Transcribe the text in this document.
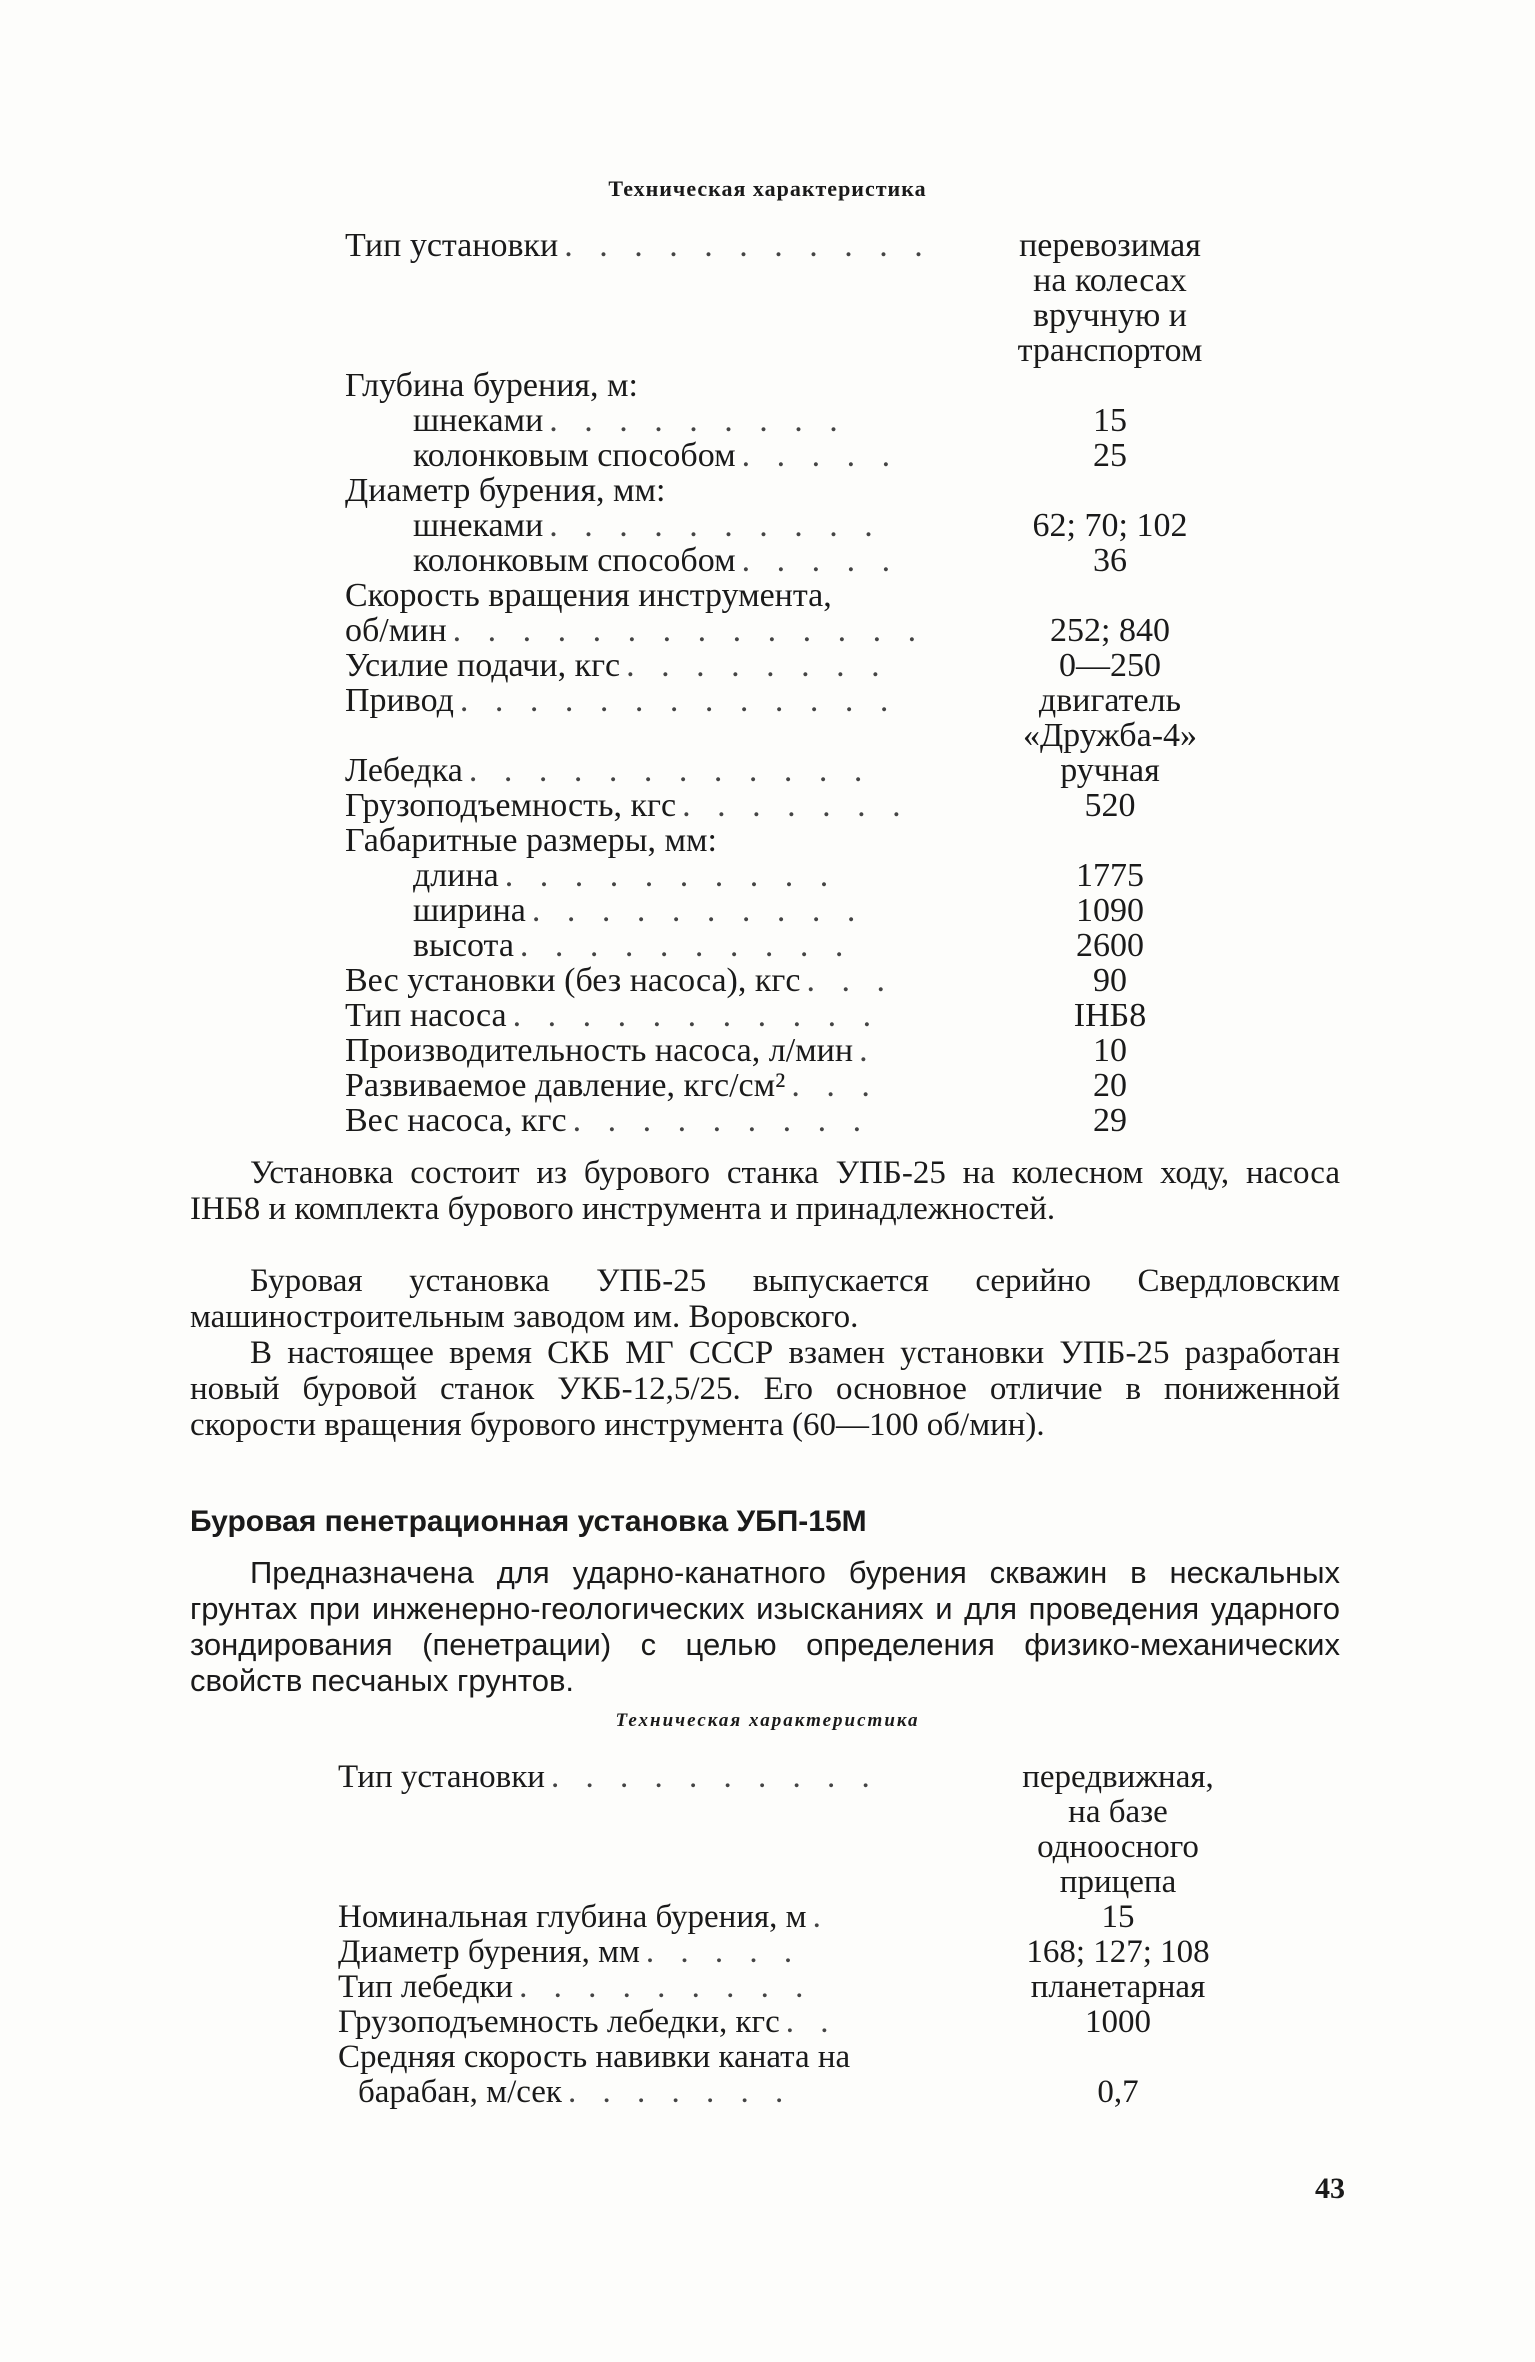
Техническая характеристика
Тип установки . . . . . . . . . . .	перевозимая
на колесах
вручную и
транспортом
Глубина бурения, м:
шнеками . . . . . . . . .	15
колонковым способом . . . . .	25
Диаметр бурения, мм:
шнеками . . . . . . . . . .	62; 70; 102
колонковым способом . . . . .	36
Скорость вращения инструмента,
об/мин . . . . . . . . . . . . . .	252; 840
Усилие подачи, кгс . . . . . . . .	0—250
Привод . . . . . . . . . . . . .	двигатель
«Дружба-4»
Лебедка . . . . . . . . . . . .	ручная
Грузоподъемность, кгс . . . . . . .	520
Габаритные размеры, мм:
длина . . . . . . . . . .	1775
ширина . . . . . . . . . .	1090
высота . . . . . . . . . .	2600
Вес установки (без насоса), кгс . . .	90
Тип насоса . . . . . . . . . . .	IНБ8
Производительность насоса, л/мин .	10
Развиваемое давление, кгс/см² . . .	20
Вес насоса, кгс . . . . . . . . .	29
Установка состоит из бурового станка УПБ-25 на колесном ходу, насоса IНБ8 и комплекта бурового инструмента и принадлежностей.
Буровая установка УПБ-25 выпускается серийно Свердловским машиностроительным заводом им. Воровского.
В настоящее время СКБ МГ СССР взамен установки УПБ-25 разработан новый буровой станок УКБ-12,5/25. Его основное отличие в пониженной скорости вращения бурового инструмента (60—100 об/мин).
Буровая пенетрационная установка УБП-15М
Предназначена для ударно-канатного бурения скважин в нескальных грунтах при инженерно-геологических изысканиях и для проведения ударного зондирования (пенетрации) с целью определения физико-механических свойств песчаных грунтов.
Техническая характеристика
Тип установки . . . . . . . . . .	передвижная, на базе одноосного прицепа
Номинальная глубина бурения, м .	15
Диаметр бурения, мм . . . . .	168; 127; 108
Тип лебедки . . . . . . . . .	планетарная
Грузоподъемность лебедки, кгс . .	1000
Средняя скорость навивки каната на
барабан, м/сек . . . . . . .	0,7
43
